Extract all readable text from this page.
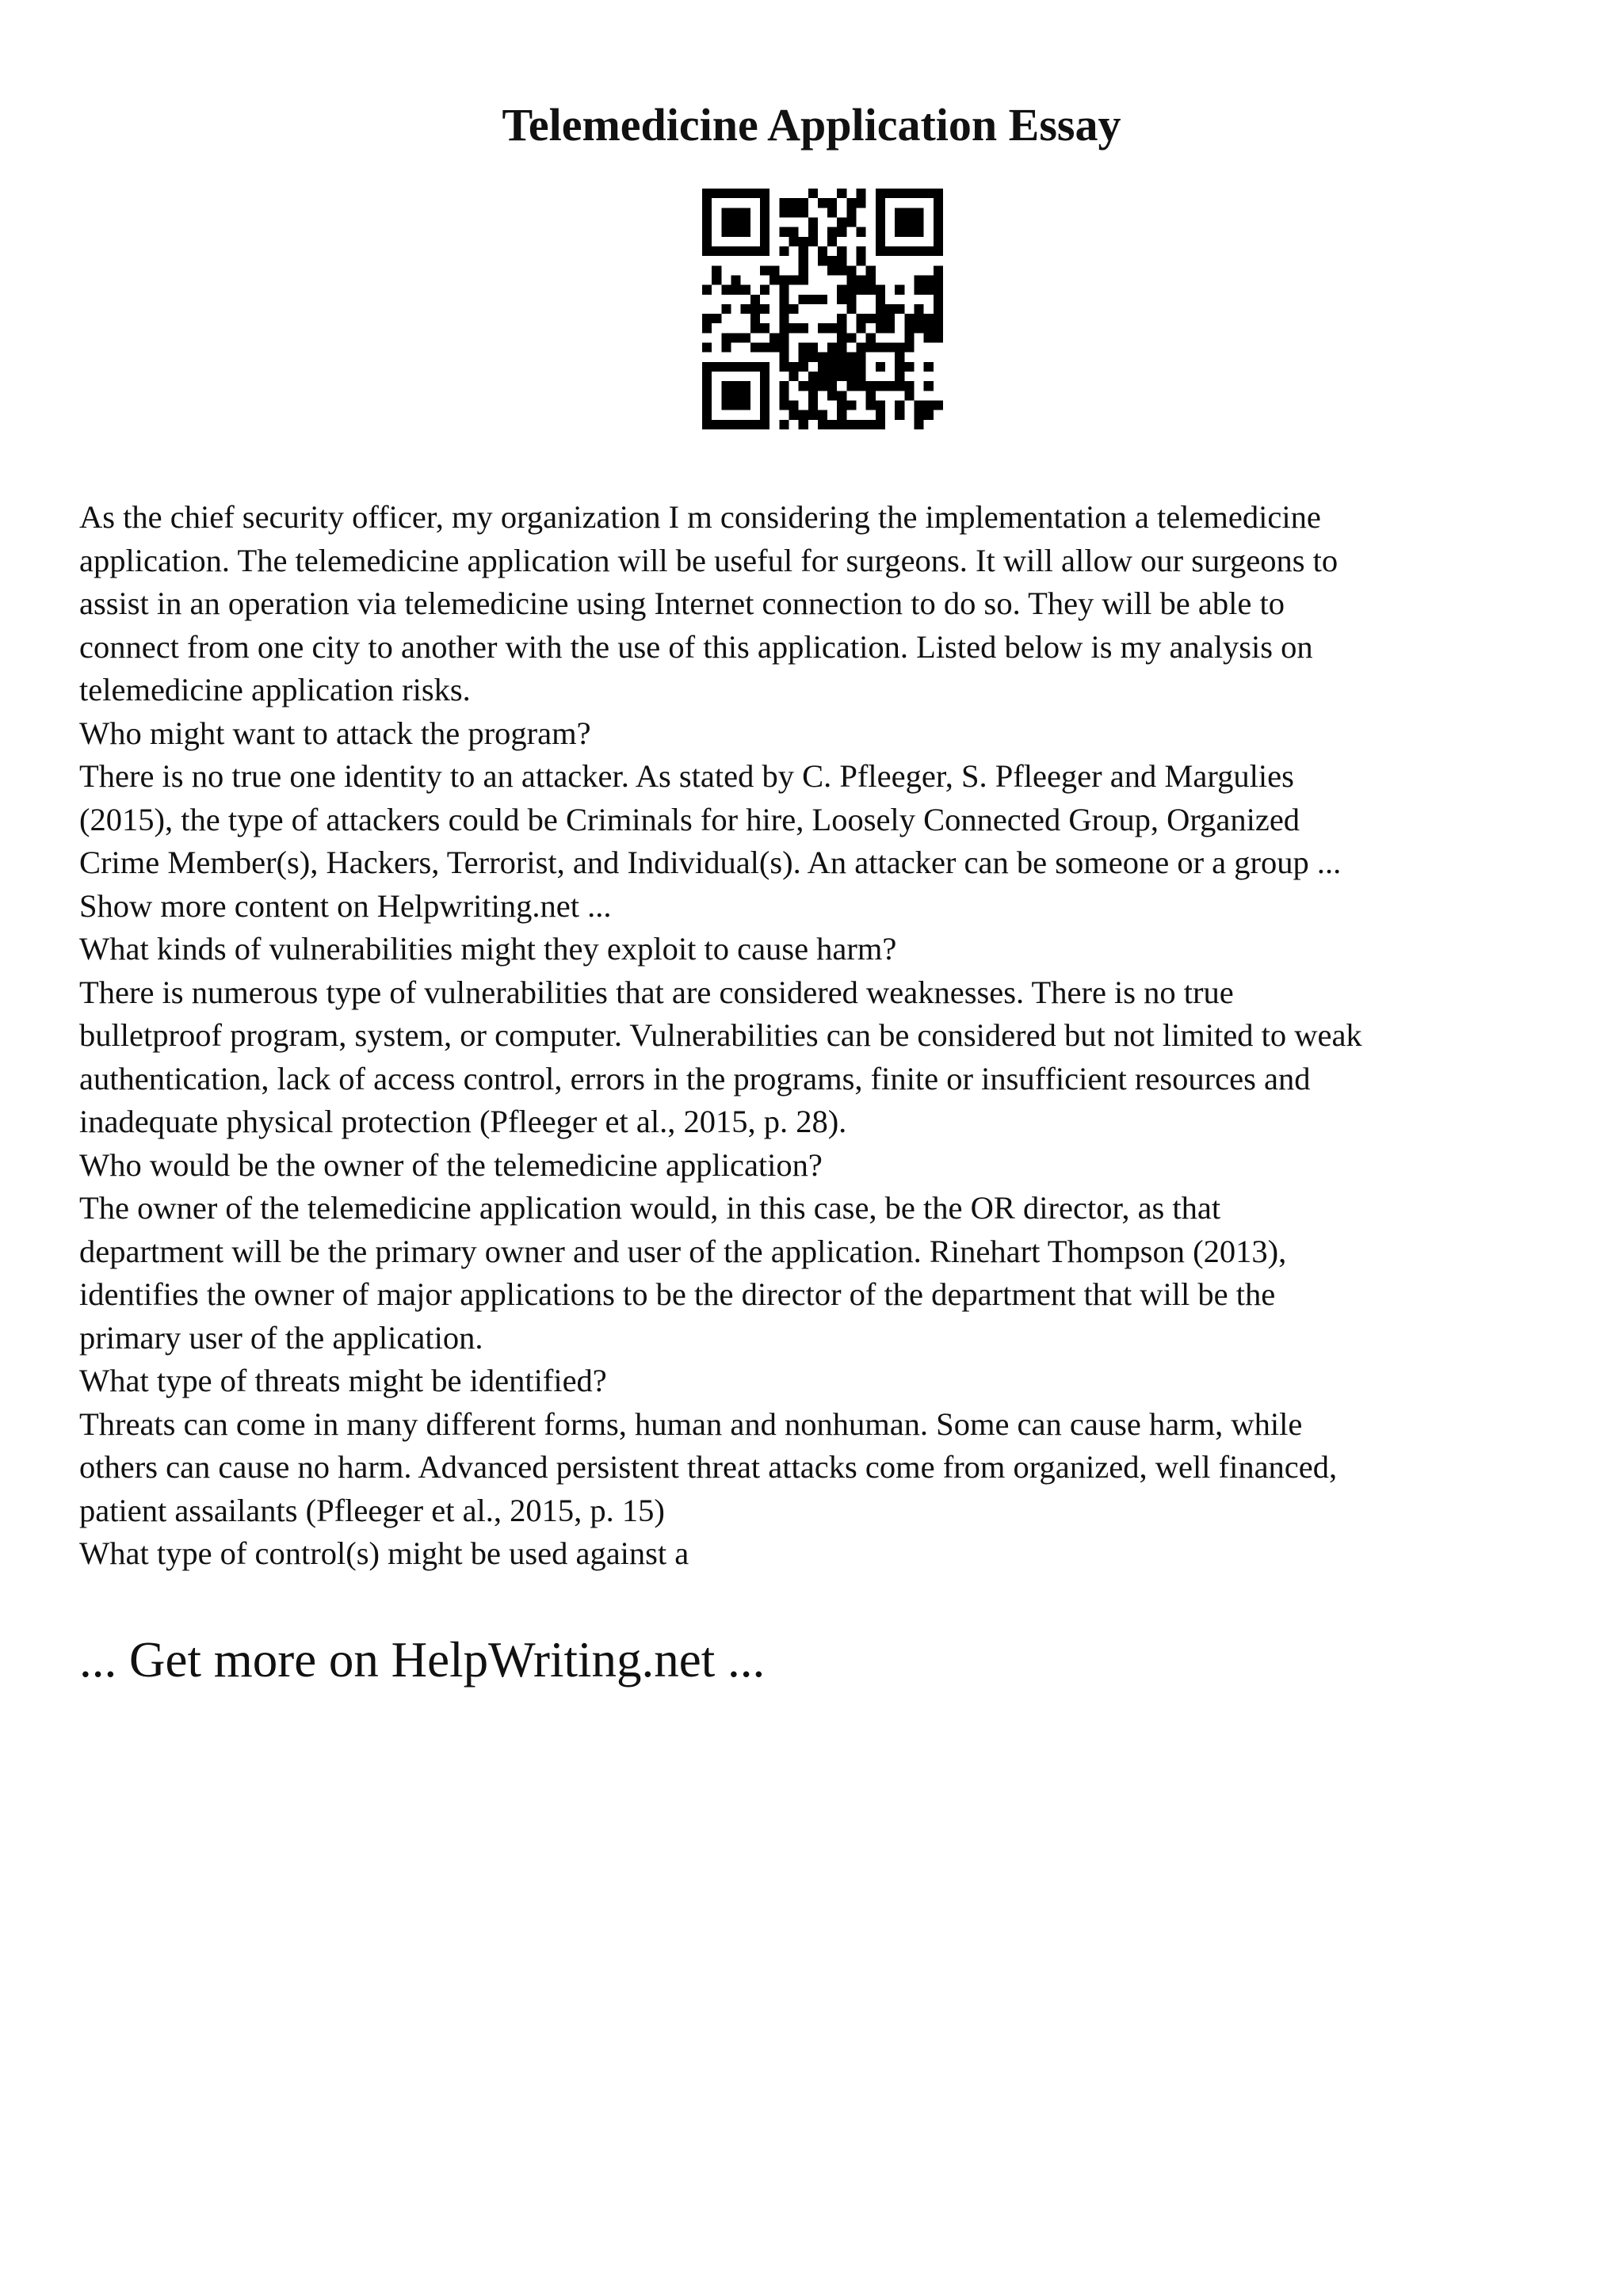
Telemedicine Application Essay
As the chief security officer, my organization I m considering the implementation a telemedicine
application. The telemedicine application will be useful for surgeons. It will allow our surgeons to
assist in an operation via telemedicine using Internet connection to do so. They will be able to
connect from one city to another with the use of this application. Listed below is my analysis on
telemedicine application risks.
Who might want to attack the program?
There is no true one identity to an attacker. As stated by C. Pfleeger, S. Pfleeger and Margulies
(2015), the type of attackers could be Criminals for hire, Loosely Connected Group, Organized
Crime Member(s), Hackers, Terrorist, and Individual(s). An attacker can be someone or a group ...
Show more content on Helpwriting.net ...
What kinds of vulnerabilities might they exploit to cause harm?
There is numerous type of vulnerabilities that are considered weaknesses. There is no true
bulletproof program, system, or computer. Vulnerabilities can be considered but not limited to weak
authentication, lack of access control, errors in the programs, finite or insufficient resources and
inadequate physical protection (Pfleeger et al., 2015, p. 28).
Who would be the owner of the telemedicine application?
The owner of the telemedicine application would, in this case, be the OR director, as that
department will be the primary owner and user of the application. Rinehart Thompson (2013),
identifies the owner of major applications to be the director of the department that will be the
primary user of the application.
What type of threats might be identified?
Threats can come in many different forms, human and nonhuman. Some can cause harm, while
others can cause no harm. Advanced persistent threat attacks come from organized, well financed,
patient assailants (Pfleeger et al., 2015, p. 15)
What type of control(s) might be used against a
... Get more on HelpWriting.net ...
